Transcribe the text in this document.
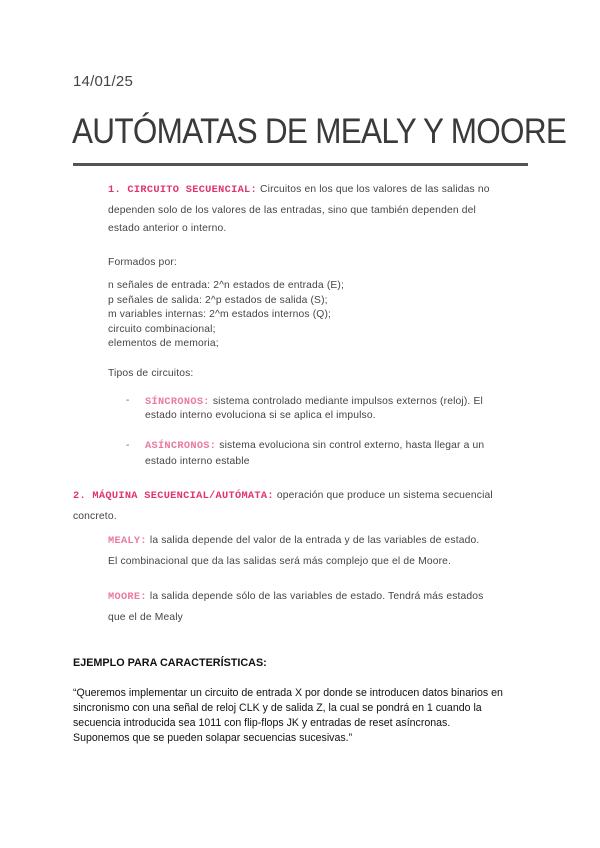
14/01/25
AUTÓMATAS DE MEALY Y MOORE
1. CIRCUITO SECUENCIAL: Circuitos en los que los valores de las salidas no
dependen solo de los valores de las entradas, sino que también dependen del
estado anterior o interno.
Formados por:
n señales de entrada: 2^n estados de entrada (E);
p señales de salida: 2^p estados de salida (S);
m variables internas: 2^m estados internos (Q);
circuito combinacional;
elementos de memoria;
Tipos de circuitos:
- SÍNCRONOS: sistema controlado mediante impulsos externos (reloj). El
estado interno evoluciona si se aplica el impulso.
- ASÍNCRONOS: sistema evoluciona sin control externo, hasta llegar a un
estado interno estable
2. MÁQUINA SECUENCIAL/AUTÓMATA: operación que produce un sistema secuencial
concreto.
MEALY: la salida depende del valor de la entrada y de las variables de estado.
El combinacional que da las salidas será más complejo que el de Moore.
MOORE: la salida depende sólo de las variables de estado. Tendrá más estados
que el de Mealy
EJEMPLO PARA CARACTERÍSTICAS:
“Queremos implementar un circuito de entrada X por donde se introducen datos binarios en
sincronismo con una señal de reloj CLK y de salida Z, la cual se pondrá en 1 cuando la
secuencia introducida sea 1011 con flip-flops JK y entradas de reset asíncronas.
Suponemos que se pueden solapar secuencias sucesivas.”
